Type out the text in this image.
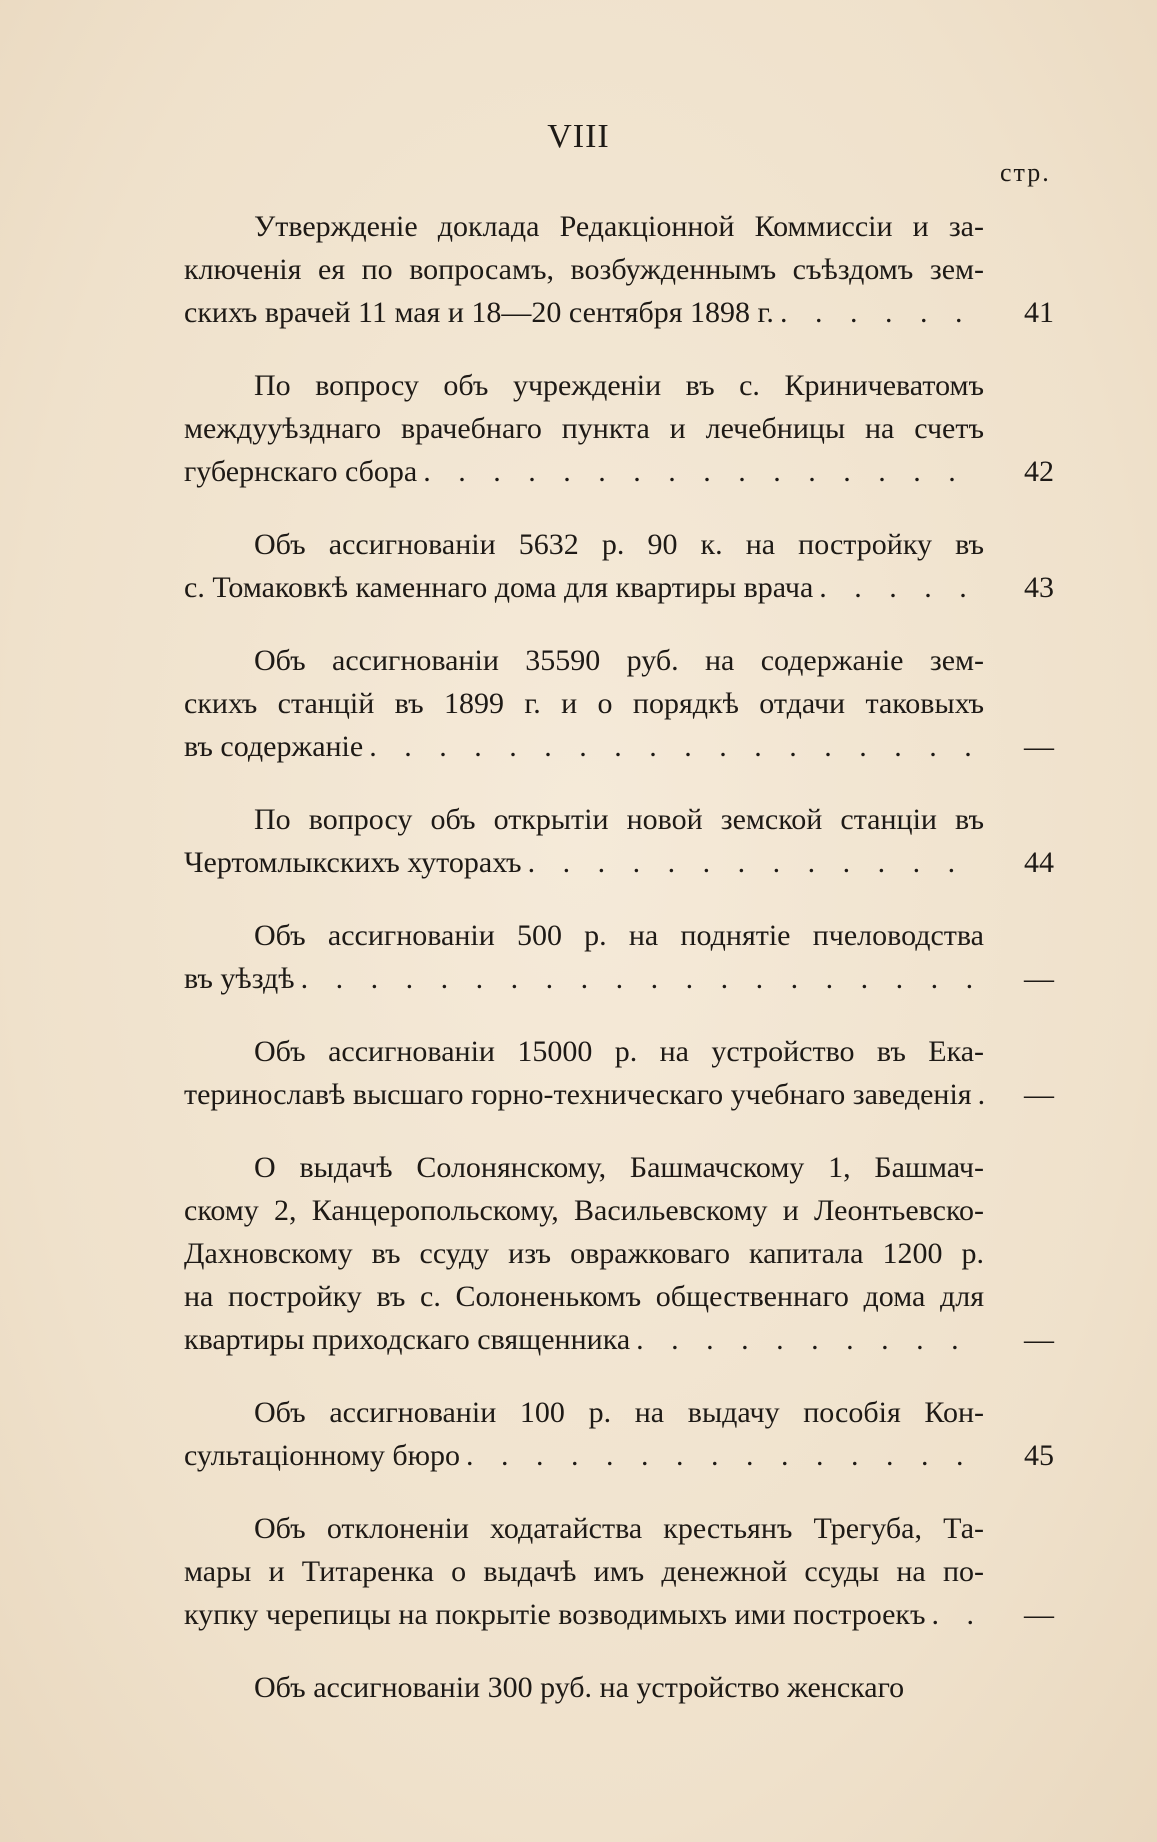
VIII
стр.
Утвержденіе доклада Редакціонной Коммиссіи и за-
ключенія ея по вопросамъ, возбужденнымъ съѣздомъ зем-
скихъ врачей 11 мая и 18—20 сентября 1898 г. . . .	41
По вопросу объ учрежденіи въ с. Криничеватомъ
междууѣзднаго врачебнаго пункта и лечебницы на счетъ
губернскаго сбора . . .	42
Объ ассигнованіи 5632 р. 90 к. на постройку въ
с. Томаковкѣ каменнаго дома для квартиры врача . . .	43
Объ ассигнованіи 35590 руб. на содержаніе зем-
скихъ станцій въ 1899 г. и о порядкѣ отдачи таковыхъ
въ содержаніе . . .	—
По вопросу объ открытіи новой земской станціи въ
Чертомлыкскихъ хуторахъ . . .	44
Объ ассигнованіи 500 р. на поднятіе пчеловодства
въ уѣздѣ . . .	—
Объ ассигнованіи 15000 р. на устройство въ Ека-
теринославѣ высшаго горно-техническаго учебнаго заведенія . . .	—
О выдачѣ Солонянскому, Башмачскому 1, Башмач-
скому 2, Канцеропольскому, Васильевскому и Леонтьевско-
Дахновскому въ ссуду изъ овражковаго капитала 1200 р.
на постройку въ с. Солоненькомъ общественнаго дома для
квартиры приходскаго священника . . .	—
Объ ассигнованіи 100 р. на выдачу пособія Кон-
сультаціонному бюро . . .	45
Объ отклоненіи ходатайства крестьянъ Трегуба, Та-
мары и Титаренка о выдачѣ имъ денежной ссуды на по-
купку черепицы на покрытіе возводимыхъ ими построекъ . . .	—
Объ ассигнованіи 300 руб. на устройство женскаго
